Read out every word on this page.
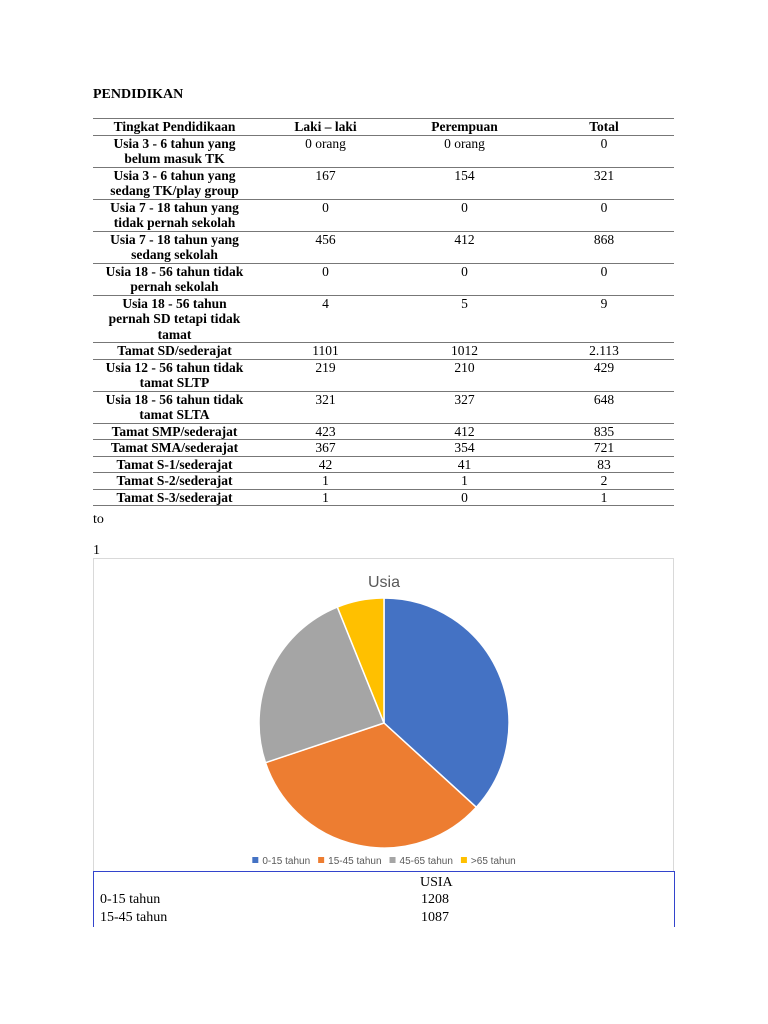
PENDIDIKAN
Tingkat Pendidikaan	Laki – laki	Perempuan	Total
Usia 3 - 6 tahun yang
belum masuk TK	0 orang	0 orang	0
Usia 3 - 6 tahun yang
sedang TK/play group	167	154	321
Usia 7 - 18 tahun yang
tidak pernah sekolah	0	0	0
Usia 7 - 18 tahun yang
sedang sekolah	456	412	868
Usia 18 - 56 tahun tidak
pernah sekolah	0	0	0
Usia 18 - 56 tahun
pernah SD tetapi tidak
tamat	4	5	9
Tamat SD/sederajat	1101	1012	2.113
Usia 12 - 56 tahun tidak
tamat SLTP	219	210	429
Usia 18 - 56 tahun tidak
tamat SLTA	321	327	648
Tamat SMP/sederajat	423	412	835
Tamat SMA/sederajat	367	354	721
Tamat S-1/sederajat	42	41	83
Tamat S-2/sederajat	1	1	2
Tamat S-3/sederajat	1	0	1
to
1
Usia
0-15 tahun 15-45 tahun 45-65 tahun >65 tahun
USIA
0-15 tahun	1208
15-45 tahun	1087
